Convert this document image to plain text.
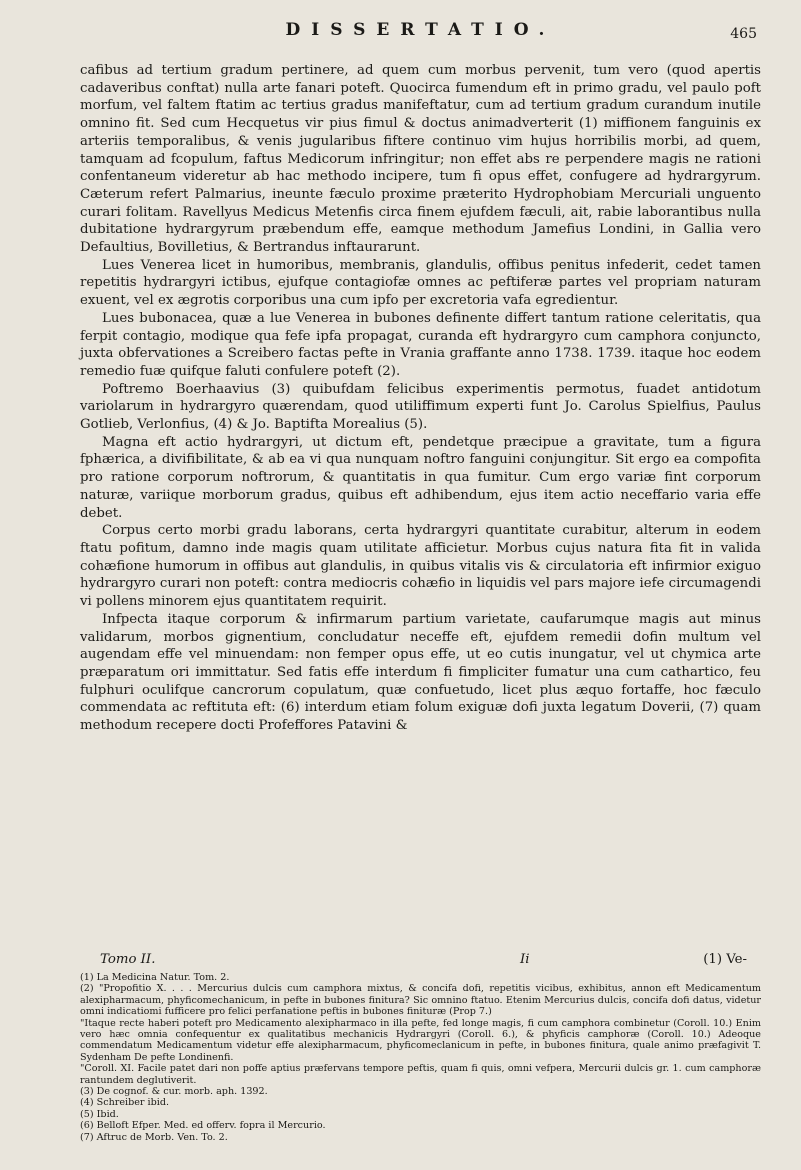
DISSERTATIO.	465

cafibus ad tertium gradum pertinere, ad quem cum morbus pervenit, tum vero (quod apertis cadaveribus conftat) nulla arte fanari poteft. Quocirca fumendum eft in primo gradu, vel paulo poft morfum, vel faltem ftatim ac tertius gradus manifeftatur, cum ad tertium gradum curandum inutile omnino fit. Sed cum Hecquetus vir pius fimul & doctus animadverterit (1) miffionem fanguinis ex arteriis temporalibus, & venis jugularibus fiftere continuo vim hujus horribilis morbi, ad quem, tamquam ad fcopulum, faftus Medicorum infringitur; non effet abs re perpendere magis ne rationi confentaneum videretur ab hac methodo incipere, tum fi opus effet, confugere ad hydrargyrum. Cæterum refert Palmarius, ineunte fæculo proxime præterito Hydrophobiam Mercuriali unguento curari folitam. Ravellyus Medicus Metenfis circa finem ejufdem fæculi, ait, rabie laborantibus nulla dubitatione hydrargyrum præbendum effe, eamque methodum Jamefius Londini, in Gallia vero Defaultius, Bovilletius, & Bertrandus inftaurarunt.

Lues Venerea licet in humoribus, membranis, glandulis, offibus penitus infederit, cedet tamen repetitis hydrargyri ictibus, ejufque contagiofæ omnes ac peftiferæ partes vel propriam naturam exuent, vel ex ægrotis corporibus una cum ipfo per excretoria vafa egredientur.

Lues bubonacea, quæ a lue Venerea in bubones definente differt tantum ratione celeritatis, qua ferpit contagio, modique qua fefe ipfa propagat, curanda eft hydrargyro cum camphora conjuncto, juxta obfervationes a Screibero factas pefte in Vrania graffante anno 1738. 1739. itaque hoc eodem remedio fuæ quifque faluti confulere poteft (2).

Poftremo Boerhaavius (3) quibufdam felicibus experimentis permotus, fuadet antidotum variolarum in hydrargyro quærendam, quod utiliffimum experti funt Jo. Carolus Spielfius, Paulus Gotlieb, Verlonfius, (4) & Jo. Baptifta Morealius (5).

Magna eft actio hydrargyri, ut dictum eft, pendetque præcipue a gravitate, tum a figura fphærica, a divifibilitate, & ab ea vi qua nunquam noftro fanguini conjungitur. Sit ergo ea compofita pro ratione corporum noftrorum, & quantitatis in qua fumitur. Cum ergo variæ fint corporum naturæ, variique morborum gradus, quibus eft adhibendum, ejus item actio neceffario varia effe debet.

Corpus certo morbi gradu laborans, certa hydrargyri quantitate curabitur, alterum in eodem ftatu pofitum, damno inde magis quam utilitate afficietur. Morbus cujus natura fita fit in valida cohæfione humorum in offibus aut glandulis, in quibus vitalis vis & circulatoria eft infirmior exiguo hydrargyro curari non poteft: contra mediocris cohæfio in liquidis vel pars majore iefe circumagendi vi pollens minorem ejus quantitatem requirit.

Infpecta itaque corporum & infirmarum partium varietate, caufarumque magis aut minus validarum, morbos gignentium, concludatur neceffe eft, ejufdem remedii dofin multum vel augendam effe vel minuendam: non femper opus effe, ut eo cutis inungatur, vel ut chymica arte præparatum ori immittatur. Sed fatis effe interdum fi fimpliciter fumatur una cum cathartico, feu fulphuri oculifque cancrorum copulatum, quæ confuetudo, licet plus æquo fortaffe, hoc fæculo commendata ac reftituta eft: (6) interdum etiam folum exiguæ dofi juxta legatum Doverii, (7) quam methodum recepere docti Profeffores Patavini &

Tomo II.	Ii	(1) Ve-

(1) La Medicina Natur. Tom. 2.

(2) "Propofitio X. . . . Mercurius dulcis cum camphora mixtus, & concifa dofi, repetitis vicibus, exhibitus, annon eft Medicamentum alexipharmacum, phyficomechanicum, in pefte in bubones finitura? Sic omnino ftatuo. Etenim Mercurius dulcis, concifa dofi datus, videtur omni indicatiomi fufficere pro felici perfanatione peftis in bubones finituræ (Prop 7.)

"Itaque recte haberi poteft pro Medicamento alexipharmaco in illa pefte, fed longe magis, fi cum camphora combinetur (Coroll. 10.) Enim vero hæc omnia confequentur ex qualitatibus mechanicis Hydrargyri (Coroll. 6.), & phyficis camphoræ (Coroll. 10.) Adeoque commendatum Medicamentum videtur effe alexipharmacum, phyficomeclanicum in pefte, in bubones finitura, quale animo præfagivit T. Sydenham De pefte Londinenfi.

"Coroll. XI. Facile patet dari non poffe aptius præfervans tempore peftis, quam fi quis, omni vefpera, Mercurii dulcis gr. 1. cum camphoræ rantundem deglutiverit.

(3) De cognof. & cur. morb. aph. 1392.

(4) Schreiber ibid.

(5) Ibid.

(6) Belloft Efper. Med. ed offerv. fopra il Mercurio.

(7) Aftruc de Morb. Ven. To. 2.
